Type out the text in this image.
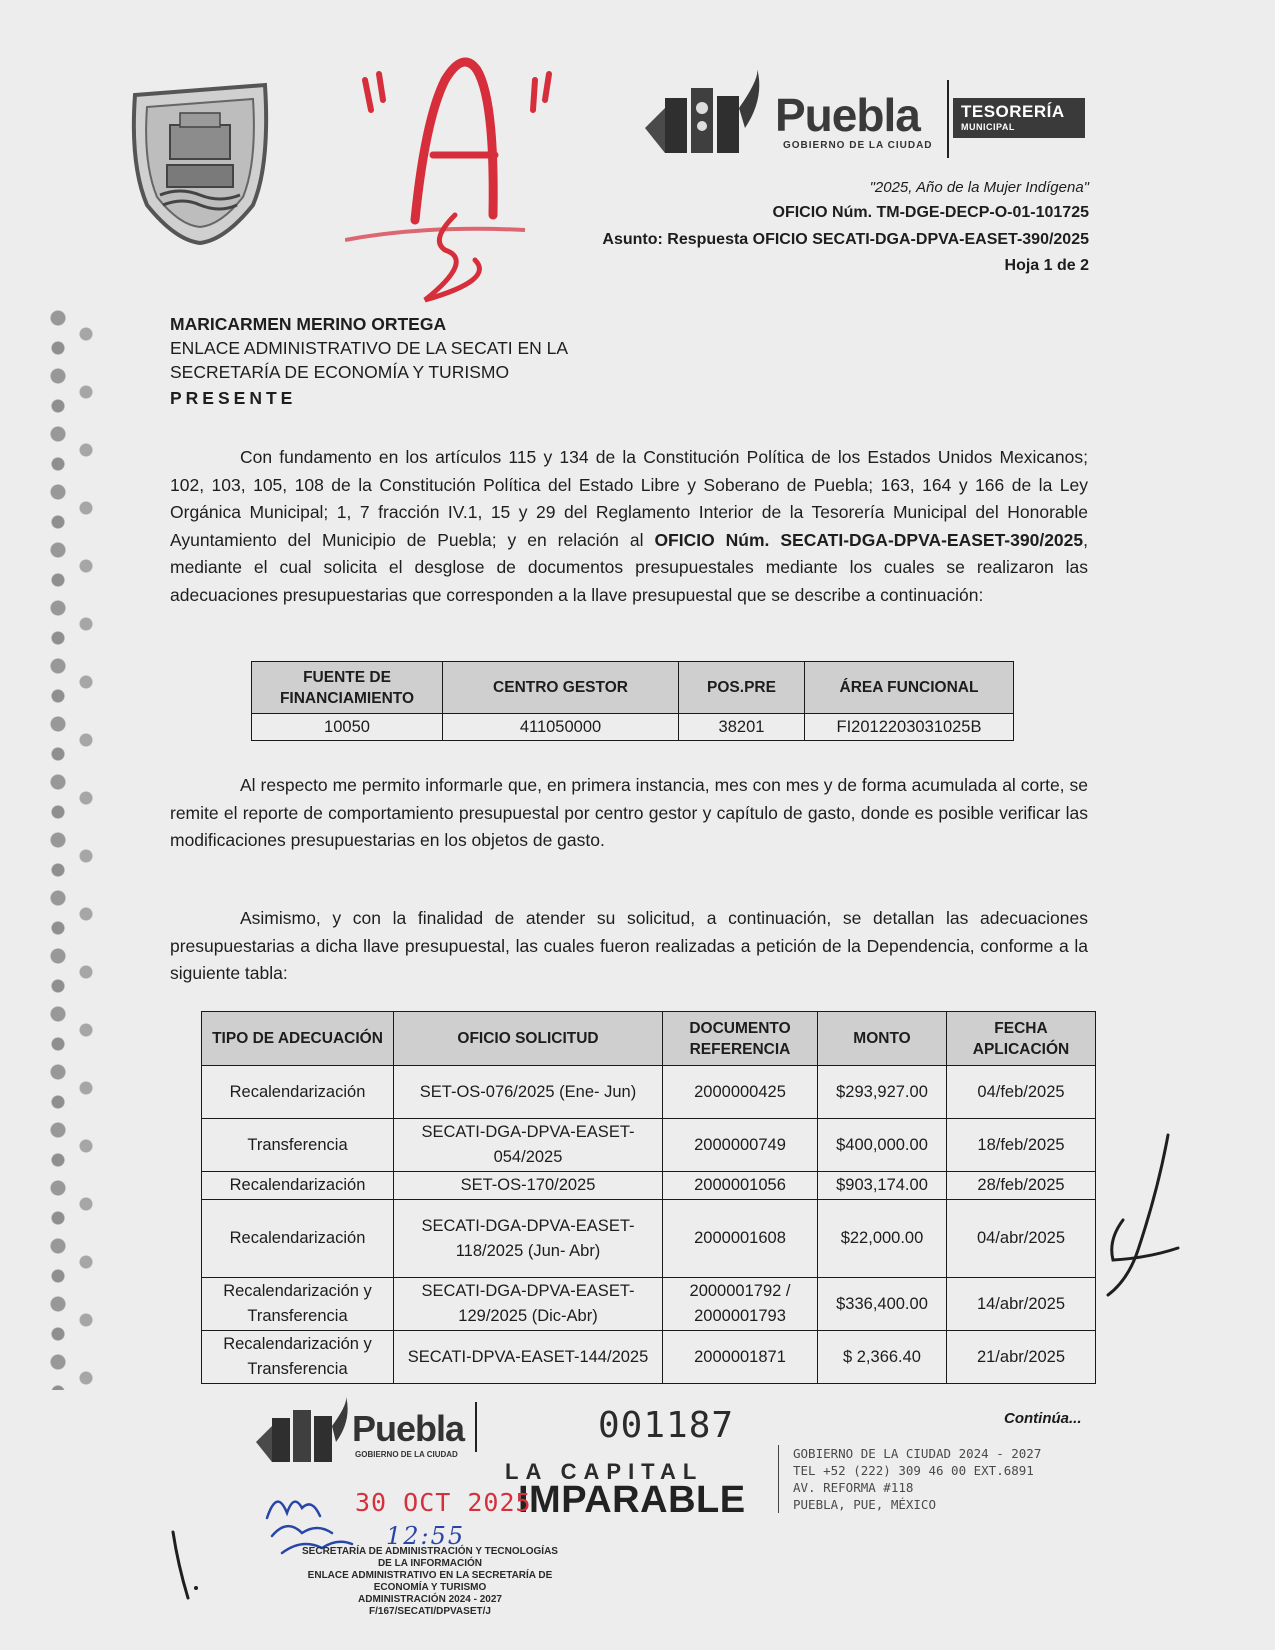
Puebla
GOBIERNO DE LA CIUDAD
TESORERÍA
MUNICIPAL
"2025, Año de la Mujer Indígena"
OFICIO Núm. TM-DGE-DECP-O-01-101725
Asunto: Respuesta OFICIO SECATI-DGA-DPVA-EASET-390/2025
Hoja 1 de 2
MARICARMEN MERINO ORTEGA
ENLACE ADMINISTRATIVO DE LA SECATI EN LA
SECRETARÍA DE ECONOMÍA Y TURISMO
PRESENTE
Con fundamento en los artículos 115 y 134 de la Constitución Política de los Estados Unidos Mexicanos; 102, 103, 105, 108 de la Constitución Política del Estado Libre y Soberano de Puebla; 163, 164 y 166 de la Ley Orgánica Municipal; 1, 7 fracción IV.1, 15 y 29 del Reglamento Interior de la Tesorería Municipal del Honorable Ayuntamiento del Municipio de Puebla; y en relación al OFICIO Núm. SECATI-DGA-DPVA-EASET-390/2025, mediante el cual solicita el desglose de documentos presupuestales mediante los cuales se realizaron las adecuaciones presupuestarias que corresponden a la llave presupuestal que se describe a continuación:
FUENTE DE FINANCIAMIENTO	CENTRO GESTOR	POS.PRE	ÁREA FUNCIONAL
10050	411050000	38201	FI2012203031025B
Al respecto me permito informarle que, en primera instancia, mes con mes y de forma acumulada al corte, se remite el reporte de comportamiento presupuestal por centro gestor y capítulo de gasto, donde es posible verificar las modificaciones presupuestarias en los objetos de gasto.
Asimismo, y con la finalidad de atender su solicitud, a continuación, se detallan las adecuaciones presupuestarias a dicha llave presupuestal, las cuales fueron realizadas a petición de la Dependencia, conforme a la siguiente tabla:
TIPO DE ADECUACIÓN	OFICIO SOLICITUD	DOCUMENTO REFERENCIA	MONTO	FECHA APLICACIÓN
Recalendarización	SET-OS-076/2025 (Ene- Jun)	2000000425	$293,927.00	04/feb/2025
Transferencia	SECATI-DGA-DPVA-EASET-054/2025	2000000749	$400,000.00	18/feb/2025
Recalendarización	SET-OS-170/2025	2000001056	$903,174.00	28/feb/2025
Recalendarización	SECATI-DGA-DPVA-EASET-118/2025 (Jun- Abr)	2000001608	$22,000.00	04/abr/2025
Recalendarización y Transferencia	SECATI-DGA-DPVA-EASET-129/2025 (Dic-Abr)	2000001792 / 2000001793	$336,400.00	14/abr/2025
Recalendarización y Transferencia	SECATI-DPVA-EASET-144/2025	2000001871	$ 2,366.40	21/abr/2025
Continúa...
Puebla
GOBIERNO DE LA CIUDAD
001187
LA CAPITAL
IMPARABLE
30 OCT 2025
12:55
SECRETARÍA DE ADMINISTRACIÓN Y TECNOLOGÍAS
DE LA INFORMACIÓN
ENLACE ADMINISTRATIVO EN LA SECRETARÍA DE
ECONOMÍA Y TURISMO
ADMINISTRACIÓN 2024 - 2027
F/167/SECATI/DPVASET/J
GOBIERNO DE LA CIUDAD 2024 - 2027
TEL +52 (222) 309 46 00 EXT.6891
AV. REFORMA #118
PUEBLA, PUE, MÉXICO
